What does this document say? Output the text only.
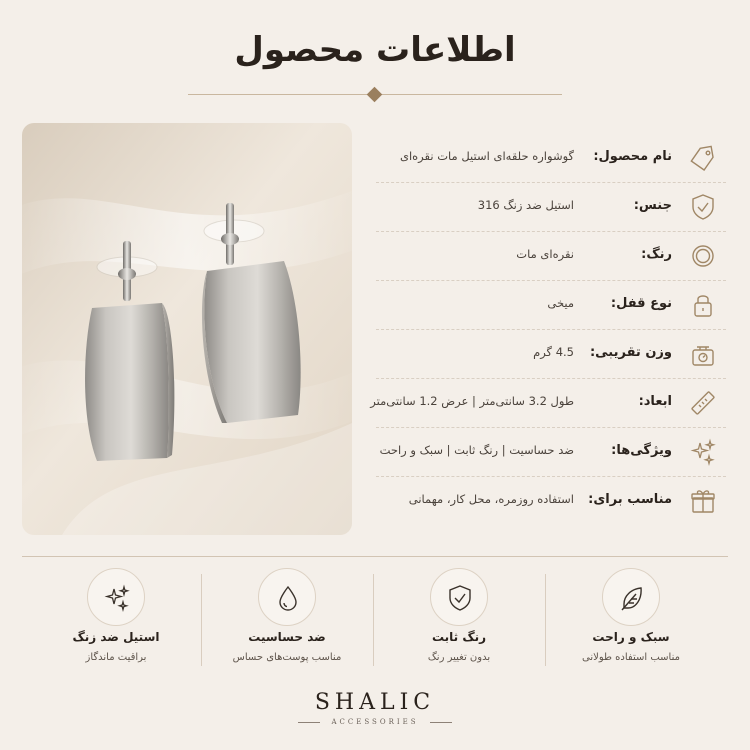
اطلاعات محصول
نام محصول:
گوشواره حلقه‌ای استیل مات نقره‌ای
جنس:
استیل ضد زنگ 316
رنگ:
نقره‌ای مات
نوع قفل:
میخی
وزن تقریبی:
4.5 گرم
ابعاد:
طول 3.2 سانتی‌متر | عرض 1.2 سانتی‌متر
ویژگی‌ها:
ضد حساسیت | رنگ ثابت | سبک و راحت
مناسب برای:
استفاده روزمره، محل کار، مهمانی
سبک و راحت
مناسب استفاده طولانی
رنگ ثابت
بدون تغییر رنگ
ضد حساسیت
مناسب پوست‌های حساس
استیل ضد زنگ
براقیت ماندگاز
SHALIC
ACCESSORIES
